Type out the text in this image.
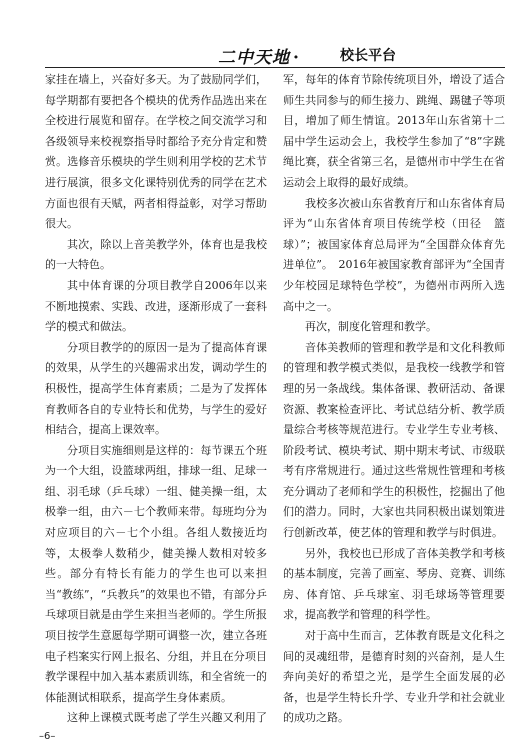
二中天地 ·	校长平台

家挂在墙上，兴奋好多天。为了鼓励同学们，每学期都有要把各个模块的优秀作品选出来在全校进行展览和留存。在学校之间交流学习和各级领导来校视察指导时都给予充分肯定和赞赏。选修音乐模块的学生则利用学校的艺术节进行展演，很多文化课特别优秀的同学在艺术方面也很有天赋，两者相得益彰，对学习帮助很大。

其次，除以上音美教学外，体育也是我校的一大特色。

其中体育课的分项目教学自2006年以来不断地摸索、实践、改进，逐渐形成了一套科学的模式和做法。

分项目教学的的原因一是为了提高体育课的效果，从学生的兴趣需求出发，调动学生的积极性，提高学生体育素质；二是为了发挥体育教师各自的专业特长和优势，与学生的爱好相结合，提高上课效率。

分项目实施细则是这样的：每节课五个班为一个大组，设篮球两组，排球一组、足球一组、羽毛球（乒乓球）一组、健美操一组，太极拳一组，由六－七个教师来带。每班均分为对应项目的六－七个小组。各组人数接近均等，太极拳人数稍少，健美操人数相对较多些。部分有特长有能力的学生也可以来担当“教练”，“兵教兵”的效果也不错，有部分乒乓球项目就是由学生来担当老师的。学生所报项目按学生意愿每学期可调整一次，建立各班电子档案实行网上报名、分组，并且在分项目教学课程中加入基本素质训练，和全省统一的体能测试相联系，提高学生身体素质。

这种上课模式既考虑了学生兴趣又利用了

军，每年的体育节除传统项目外，增设了适合师生共同参与的师生接力、跳绳、踢毽子等项目，增加了师生情谊。2013年山东省第十二届中学生运动会上，我校学生参加了“8”字跳绳比赛，获全省第三名，是德州市中学生在省运动会上取得的最好成绩。

我校多次被山东省教育厅和山东省体育局评为“山东省体育项目传统学校（田径　篮球）”；被国家体育总局评为“全国群众体育先进单位”。　2016年被国家教育部评为“全国青少年校园足球特色学校”，为德州市两所入选高中之一。

再次，制度化管理和教学。

音体美教师的管理和教学是和文化科教师的管理和教学模式类似，是我校一线教学和管理的另一条战线。集体备课、教研活动、备课资源、教案检查评比、考试总结分析、教学质量综合考核等规范进行。专业学生专业考核、阶段考试、模块考试、期中期末考试、市级联考有序常规进行。通过这些常规性管理和考核充分调动了老师和学生的积极性，挖掘出了他们的潜力。同时，大家也共同积极出谋划策进行创新改革，使艺体的管理和教学与时俱进。

另外，我校也已形成了音体美教学和考核的基本制度，完善了画室、琴房、竞赛、训练房、体育馆、乒乓球室、羽毛球场等管理要求，提高教学和管理的科学性。

对于高中生而言，艺体教育既是文化科之间的灵魂纽带，是德育时刻的兴奋剂，是人生奔向美好的希望之光，是学生全面发展的必备，也是学生特长升学、专业升学和社会就业的成功之路。

–6–
